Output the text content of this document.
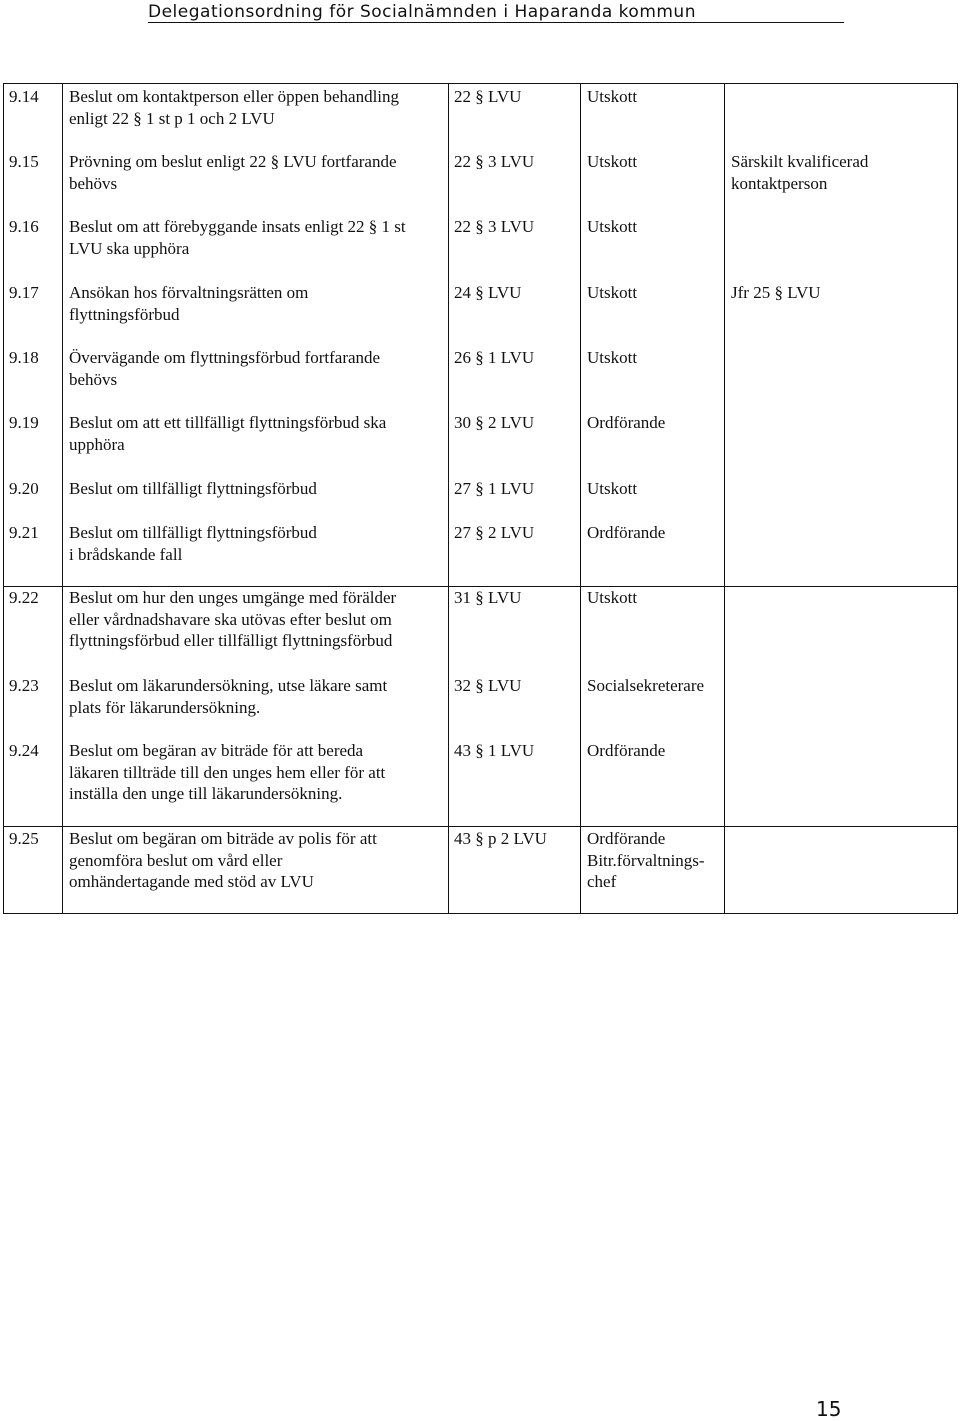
Delegationsordning för Socialnämnden i Haparanda kommun
9.14 Beslut om kontaktperson eller öppen behandling
enligt 22 § 1 st p 1 och 2 LVU
22 § LVU	Utskott
9.15 Prövning om beslut enligt 22 § LVU fortfarande
behövs
22 § 3 LVU	Utskott	Särskilt kvalificerad
kontaktperson
9.16 Beslut om att förebyggande insats enligt 22 § 1 st
LVU ska upphöra
22 § 3 LVU	Utskott
9.17 Ansökan hos förvaltningsrätten om
flyttningsförbud
24 § LVU	Utskott	Jfr 25 § LVU
9.18 Övervägande om flyttningsförbud fortfarande
behövs
26 § 1 LVU	Utskott
9.19 Beslut om att ett tillfälligt flyttningsförbud ska
upphöra
30 § 2 LVU	Ordförande
9.20 Beslut om tillfälligt flyttningsförbud	27 § 1 LVU	Utskott
9.21 Beslut om tillfälligt flyttningsförbud
i brådskande fall
27 § 2 LVU	Ordförande
9.22 Beslut om hur den unges umgänge med förälder
eller vårdnadshavare ska utövas efter beslut om
flyttningsförbud eller tillfälligt flyttningsförbud
31 § LVU	Utskott
9.23 Beslut om läkarundersökning, utse läkare samt
plats för läkarundersökning.
32 § LVU	Socialsekreterare
9.24 Beslut om begäran av biträde för att bereda
läkaren tillträde till den unges hem eller för att
inställa den unge till läkarundersökning.
43 § 1 LVU	Ordförande
9.25 Beslut om begäran om biträde av polis för att
genomföra beslut om vård eller
omhändertagande med stöd av LVU
43 § p 2 LVU Ordförande
Bitr.förvaltnings-
chef
15
